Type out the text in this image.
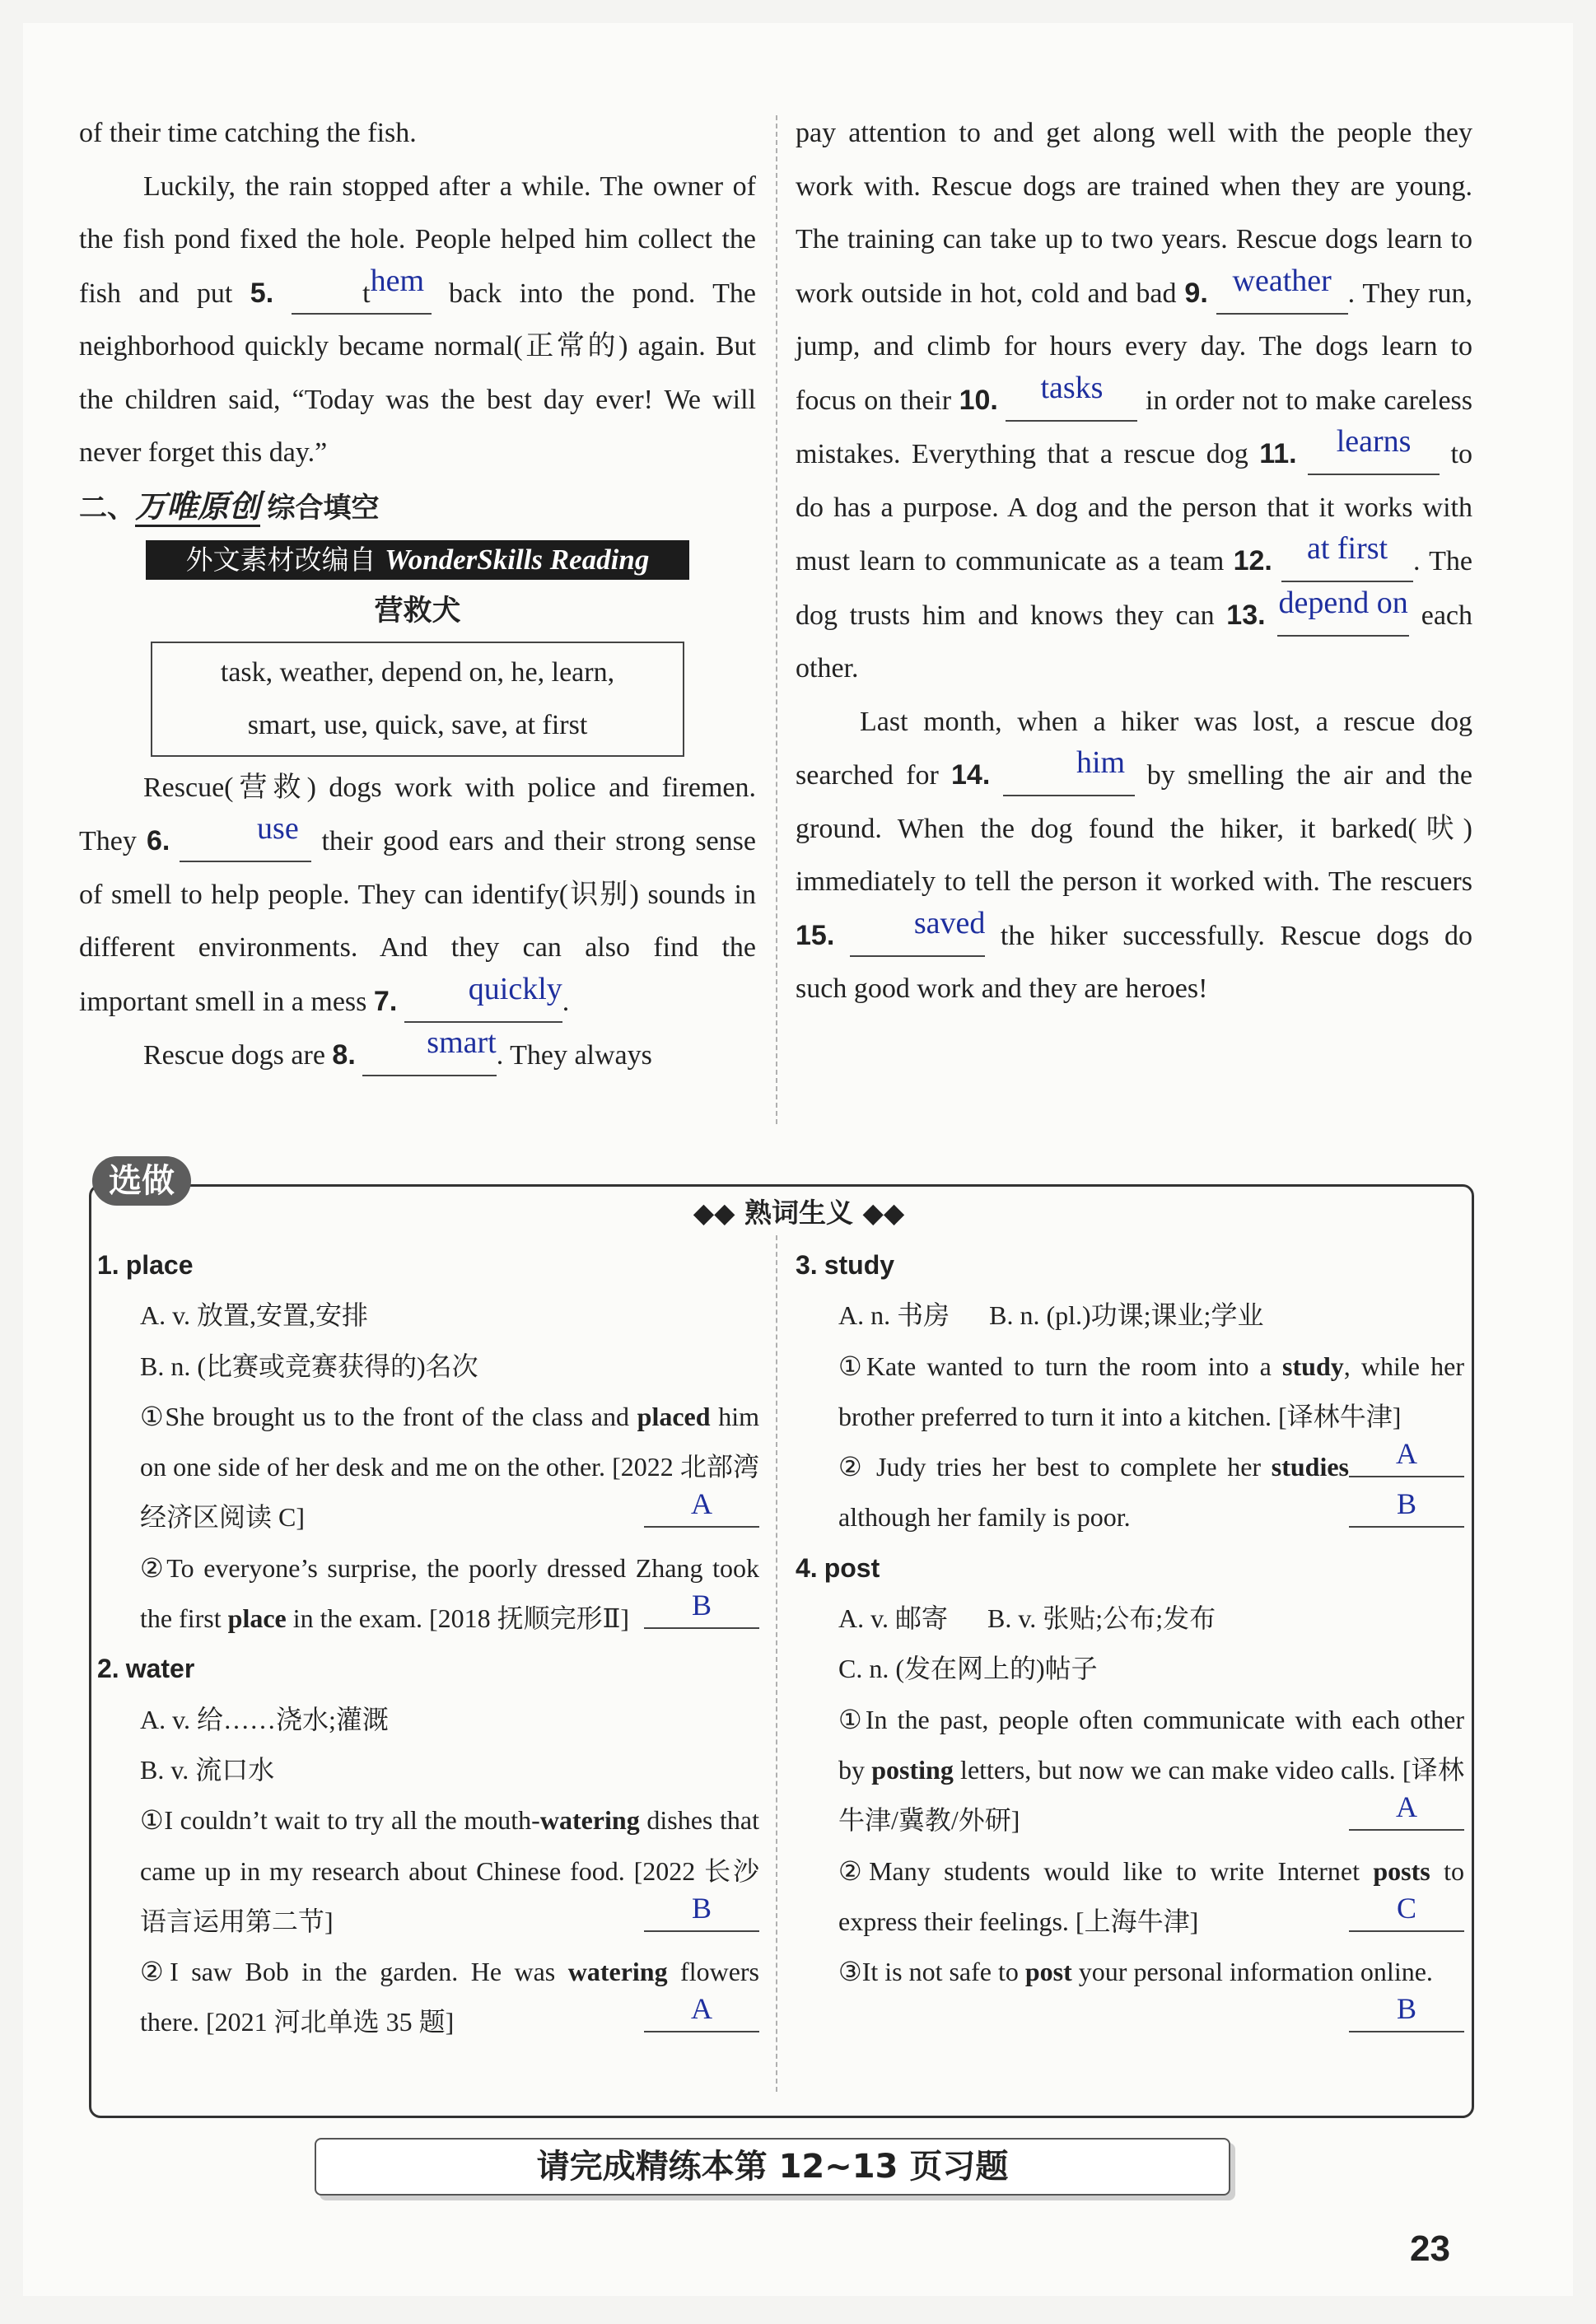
of their time catching the fish.

Luckily, the rain stopped after a while. The owner of the fish pond fixed the hole. People helped him collect the fish and put 5.	them back into the pond. The neighborhood quickly became normal(正常的) again. But the children said, “Today was the best day ever! We will never forget this day.”

二、万唯原创 综合填空
外文素材改编自 WonderSkills Reading
营救犬
task, weather, depend on, he, learn,
smart, use, quick, save, at first

Rescue(营救) dogs work with police and firemen. They 6.	use their good ears and their strong sense of smell to help people. They can identify(识别) sounds in different environments. And they can also find the important smell in a mess 7. quickly.

Rescue dogs are 8. smart. They always

pay attention to and get along well with the people they work with. Rescue dogs are trained when they are young. The training can take up to two years. Rescue dogs learn to work outside in hot, cold and bad 9. weather . They run, jump, and climb for hours every day. The dogs learn to focus on their 10. tasks in order not to make careless mistakes. Everything that a rescue dog 11. learns to do has a purpose. A dog and the person that it works with must learn to communicate as a team 12. at first . The dog trusts him and knows they can 13. depend on each other.

Last month, when a hiker was lost, a rescue dog searched for 14.	him by smelling the air and the ground. When the dog found the hiker, it barked(吠) immediately to tell the person it worked with. The rescuers 15.	saved the hiker successfully. Rescue dogs do such good work and they are heroes!

选做
◆◆ 熟词生义 ◆◆

1. place

A. v. 放置,安置,安排

B. n. (比赛或竞赛获得的)名次

①She brought us to the front of the class and placed him on one side of her desk and me on the other. [2022 北部湾经济区阅读 C]	A

②To everyone’s surprise, the poorly dressed Zhang took the first place in the exam. [2018 抚顺完形Ⅱ]	B

2. water

A. v. 给……浇水;灌溉

B. v. 流口水

①I couldn’t wait to try all the mouth-watering dishes that came up in my research about Chinese food. [2022 长沙语言运用第二节]	B

②I saw Bob in the garden. He was watering flowers there. [2021 河北单选 35 题]	A

3. study

A. n. 书房      B. n. (pl.)功课;课业;学业

①Kate wanted to turn the room into a study, while her brother preferred to turn it into a kitchen. [译林牛津]
A

② Judy tries her best to complete her studies although her family is poor.	B

4. post

A. v. 邮寄      B. v. 张贴;公布;发布

C. n. (发在网上的)帖子

①In the past, people often communicate with each other by posting letters, but now we can make video calls. [译林牛津/冀教/外研]	A

②Many students would like to write Internet posts to express their feelings. [上海牛津]	C

③It is not safe to post your personal information online.
B

请完成精练本第 12~13 页习题
23
